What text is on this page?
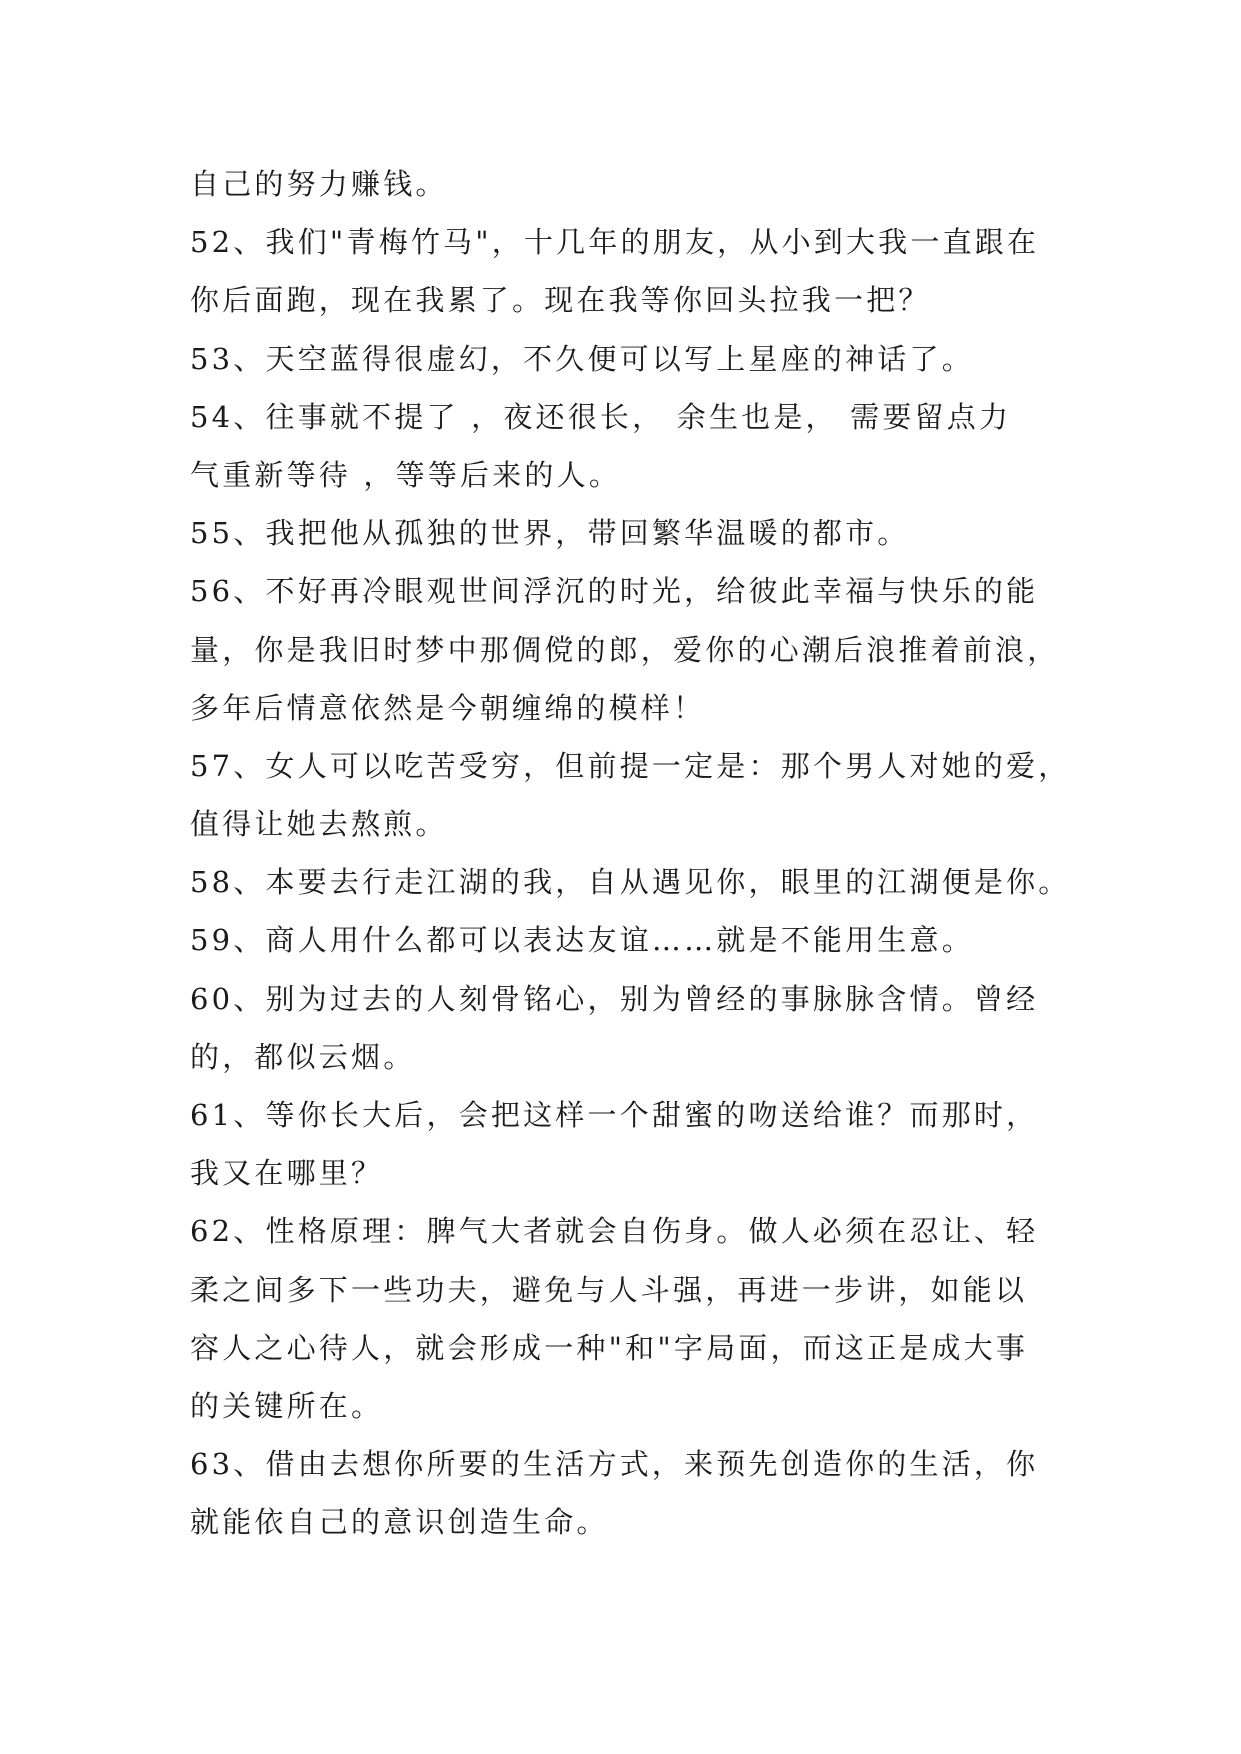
自己的努力赚钱。
52、我们"青梅竹马"，十几年的朋友，从小到大我一直跟在
你后面跑，现在我累了。现在我等你回头拉我一把？
53、天空蓝得很虚幻，不久便可以写上星座的神话了。
54、往事就不提了 ，夜还很长， 余生也是， 需要留点力
气重新等待 ，等等后来的人。
55、我把他从孤独的世界，带回繁华温暖的都市。
56、不好再冷眼观世间浮沉的时光，给彼此幸福与快乐的能
量，你是我旧时梦中那倜傥的郎，爱你的心潮后浪推着前浪，
多年后情意依然是今朝缠绵的模样！
57、女人可以吃苦受穷，但前提一定是：那个男人对她的爱，
值得让她去熬煎。
58、本要去行走江湖的我，自从遇见你，眼里的江湖便是你。
59、商人用什么都可以表达友谊……就是不能用生意。
60、别为过去的人刻骨铭心，别为曾经的事脉脉含情。曾经
的，都似云烟。
61、等你长大后，会把这样一个甜蜜的吻送给谁？而那时，
我又在哪里？
62、性格原理：脾气大者就会自伤身。做人必须在忍让、轻
柔之间多下一些功夫，避免与人斗强，再进一步讲，如能以
容人之心待人，就会形成一种"和"字局面，而这正是成大事
的关键所在。
63、借由去想你所要的生活方式，来预先创造你的生活，你
就能依自己的意识创造生命。
